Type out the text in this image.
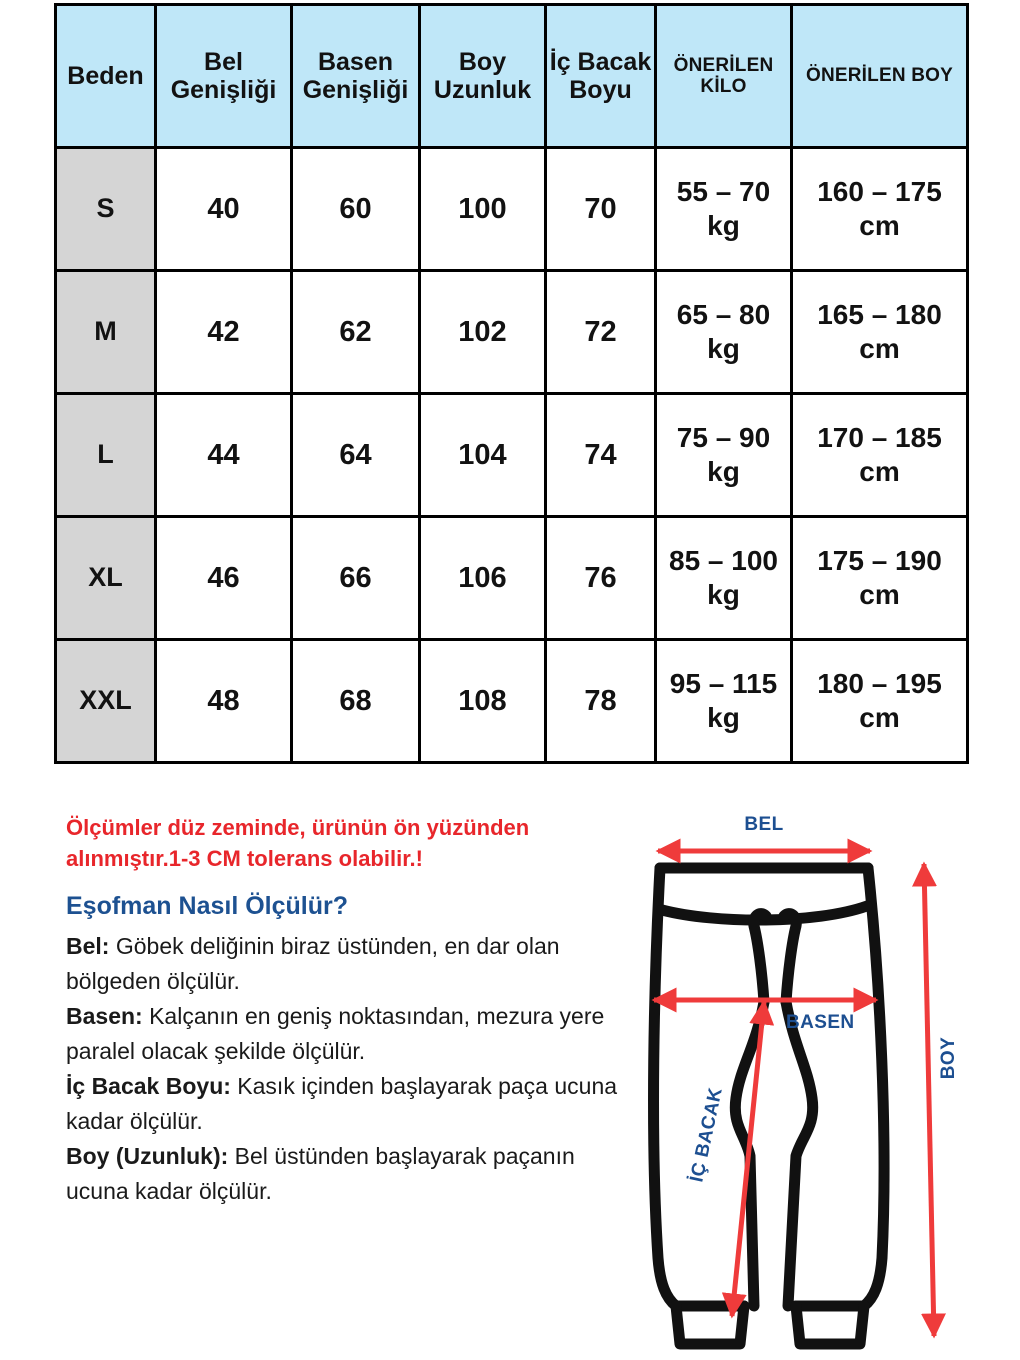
Beden	Bel Genişliği	Basen Genişliği	Boy Uzunluk	İç Bacak Boyu	ÖNERİLEN KİLO	ÖNERİLEN BOY
S	40	60	100	70	55 – 70 kg	160 – 175 cm
M	42	62	102	72	65 – 80 kg	165 – 180 cm
L	44	64	104	74	75 – 90 kg	170 – 185 cm
XL	46	66	106	76	85 – 100 kg	175 – 190 cm
XXL	48	68	108	78	95 – 115 kg	180 – 195 cm

Ölçümler düz zeminde, ürünün ön yüzünden alınmıştır.1-3 CM tolerans olabilir.!

Eşofman Nasıl Ölçülür?

Bel: Göbek deliğinin biraz üstünden, en dar olan bölgeden ölçülür.

Basen: Kalçanın en geniş noktasından, mezura yere paralel olacak şekilde ölçülür.

İç Bacak Boyu: Kasık içinden başlayarak paça ucuna kadar ölçülür.

Boy (Uzunluk): Bel üstünden başlayarak paçanın ucuna kadar ölçülür.

BEL
BASEN
İÇ BACAK
BOY
